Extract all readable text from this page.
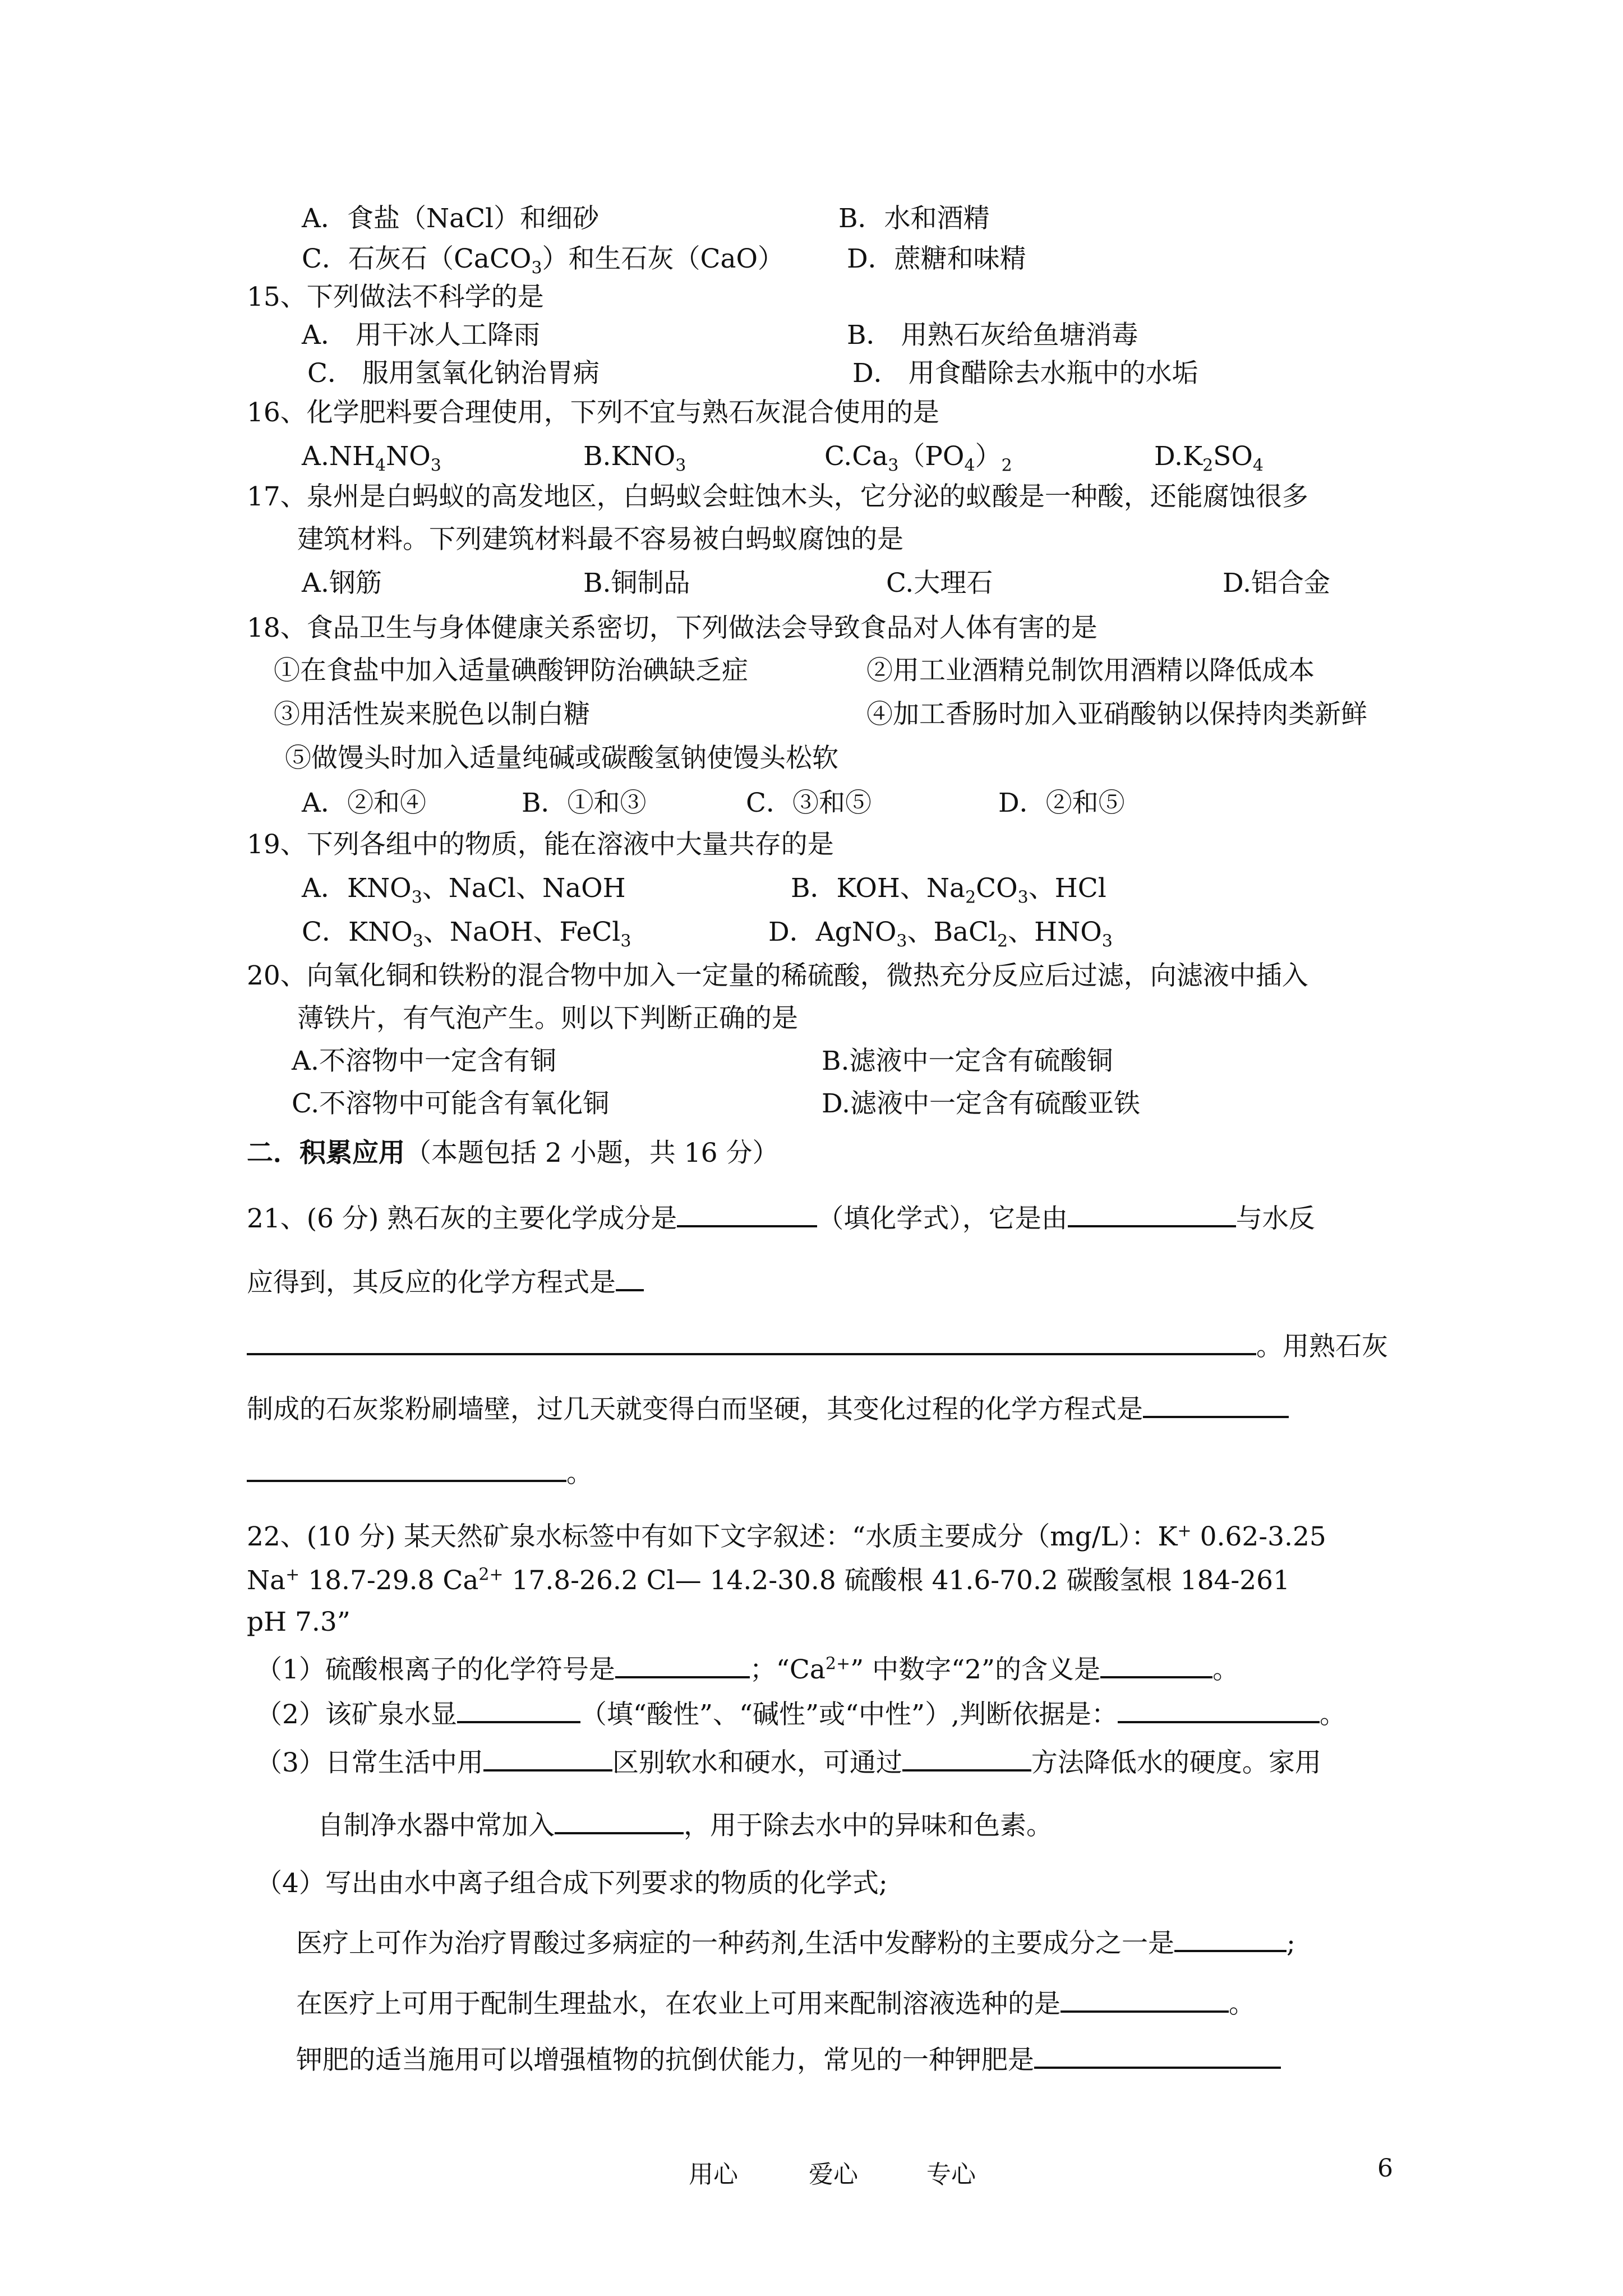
A．食盐（NaCl）和细砂	B．水和酒精
C．石灰石（CaCO$_3$）和生石灰（CaO） D．蔗糖和味精
15、下列做法不科学的是
A． 用干冰人工降雨	B． 用熟石灰给鱼塘消毒
C． 服用氢氧化钠治胃病	D． 用食醋除去水瓶中的水垢
16、化学肥料要合理使用，下列不宜与熟石灰混合使用的是
$A.NH_4NO_3$	$B.KNO_3$	$C.Ca_3(PO_4)_2$	$D.K_2SO_4$
17、泉州是白蚂蚁的高发地区，白蚂蚁会蛀蚀木头，它分泌的蚁酸是一种酸，还能腐蚀很多
建筑材料。下列建筑材料最不容易被白蚂蚁腐蚀的是
A.钢筋	B.铜制品	C.大理石	D.铝合金
18、食品卫生与身体健康关系密切，下列做法会导致食品对人体有害的是
①在食盐中加入适量碘酸钾防治碘缺乏症	②用工业酒精兑制饮用酒精以降低成本
③用活性炭来脱色以制白糖	④加工香肠时加入亚硝酸钠以保持肉类新鲜
⑤做馒头时加入适量纯碱或碳酸氢钠使馒头松软
A．②和④	B．①和③	C．③和⑤	D．②和⑤
19、下列各组中的物质，能在溶液中大量共存的是
A．$KNO_3$、NaCl、NaOH	B．KOH、$Na_2CO_3$、HCl
C．$KNO_3$、NaOH、FeCl$_3$	D．AgNO$_3$、BaCl$_2$、$HNO_3$
20、向氧化铜和铁粉的混合物中加入一定量的稀硫酸，微热充分反应后过滤，向滤液中插入
薄铁片，有气泡产生。则以下判断正确的是
A.不溶物中一定含有铜	B.滤液中一定含有硫酸铜
C.不溶物中可能含有氧化铜	D.滤液中一定含有硫酸亚铁
二．积累应用（本题包括 2 小题，共 16 分）
21、(6 分) 熟石灰的主要化学成分是	（填化学式），它是由	与水反
应得到，其反应的化学方程式是
。用熟石灰
制成的石灰浆粉刷墙壁，过几天就变得白而坚硬，其变化过程的化学方程式是
。
22、(10 分) 某天然矿泉水标签中有如下文字叙述：“水质主要成分（mg/L）：K+ 0.62-3.25
Na+ 18.7-29.8 $Ca^{2+}$ 17.8-26.2 Cl— 14.2-30.8 硫酸根 41.6-70.2 碳酸氢根 184-261
pH 7.3”
（1）硫酸根离子的化学符号是	；“$Ca^{2+}$” 中数字“2”的含义是	。
（2）该矿泉水显	（填“酸性”、“碱性”或“中性”）,判断依据是：	。
（3）日常生活中用	区别软水和硬水，可通过	方法降低水的硬度。家用
自制净水器中常加入	，用于除去水中的异味和色素。
（4）写出由水中离子组合成下列要求的物质的化学式;
医疗上可作为治疗胃酸过多病症的一种药剂,生活中发酵粉的主要成分之一是	;
在医疗上可用于配制生理盐水，在农业上可用来配制溶液选种的是	。
钾肥的适当施用可以增强植物的抗倒伏能力，常见的一种钾肥是
用心	爱心	专心	6
